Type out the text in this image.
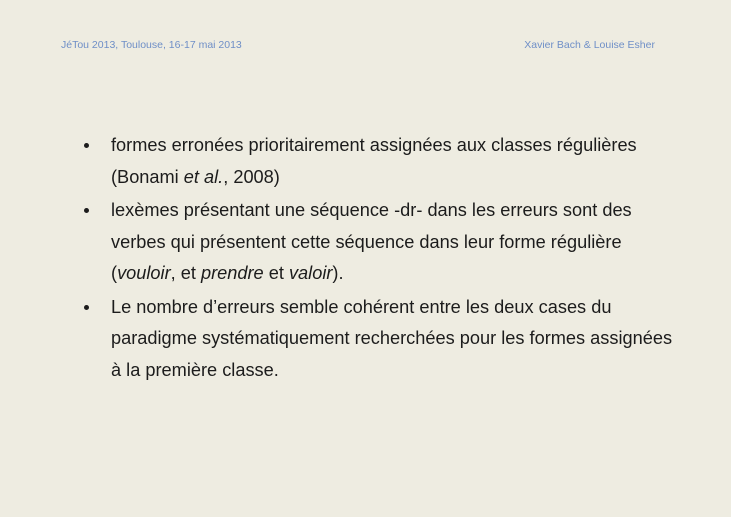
JéTou 2013, Toulouse, 16-17 mai 2013	Xavier Bach & Louise Esher
formes erronées prioritairement assignées aux classes régulières (Bonami et al., 2008)
lexèmes présentant une séquence -dr- dans les erreurs sont des verbes qui présentent cette séquence dans leur forme régulière (vouloir, et prendre et valoir).
Le nombre d’erreurs semble cohérent entre les deux cases du paradigme systématiquement recherchées pour les formes assignées à la première classe.
